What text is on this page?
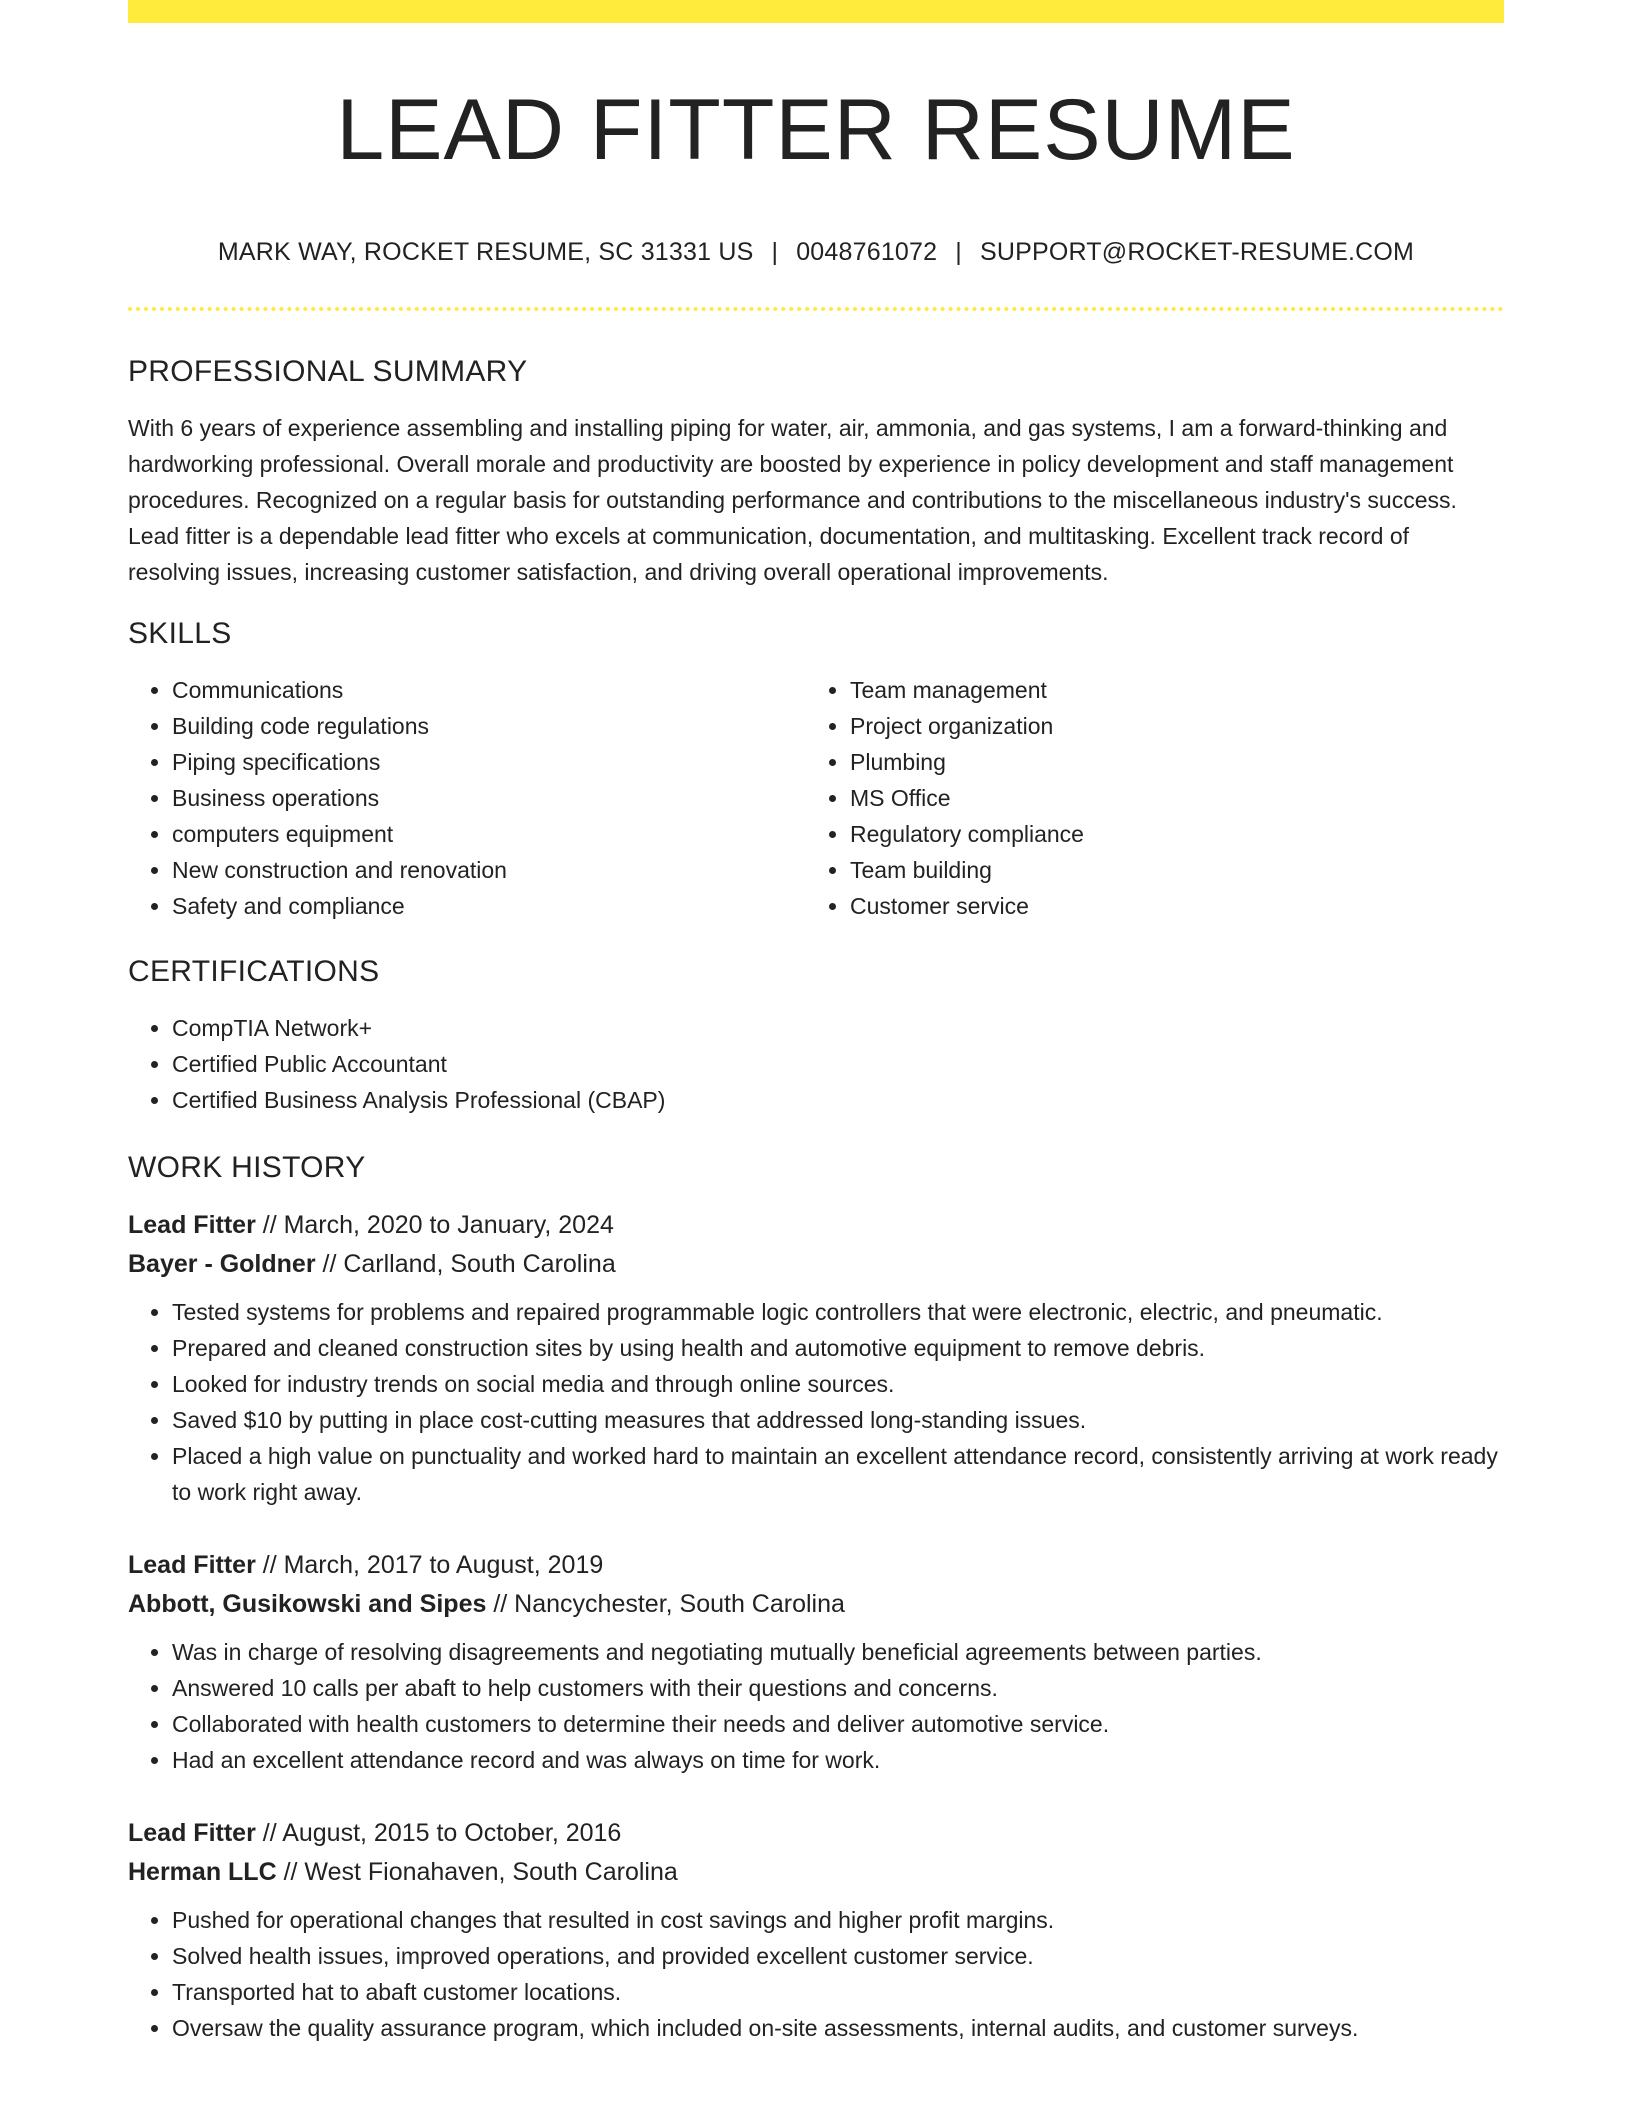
LEAD FITTER RESUME
MARK WAY, ROCKET RESUME, SC 31331 US | 0048761072 | SUPPORT@ROCKET-RESUME.COM
PROFESSIONAL SUMMARY

With 6 years of experience assembling and installing piping for water, air, ammonia, and gas systems, I am a forward-thinking and hardworking professional. Overall morale and productivity are boosted by experience in policy development and staff management procedures. Recognized on a regular basis for outstanding performance and contributions to the miscellaneous industry's success. Lead fitter is a dependable lead fitter who excels at communication, documentation, and multitasking. Excellent track record of resolving issues, increasing customer satisfaction, and driving overall operational improvements.

SKILLS
• Communications
• Building code regulations
• Piping specifications
• Business operations
• computers equipment
• New construction and renovation
• Safety and compliance
• Team management
• Project organization
• Plumbing
• MS Office
• Regulatory compliance
• Team building
• Customer service
CERTIFICATIONS
• CompTIA Network+
• Certified Public Accountant
• Certified Business Analysis Professional (CBAP)
WORK HISTORY
Lead Fitter // March, 2020 to January, 2024
Bayer - Goldner // Carlland, South Carolina
• Tested systems for problems and repaired programmable logic controllers that were electronic, electric, and pneumatic.
• Prepared and cleaned construction sites by using health and automotive equipment to remove debris.
• Looked for industry trends on social media and through online sources.
• Saved $10 by putting in place cost-cutting measures that addressed long-standing issues.
• Placed a high value on punctuality and worked hard to maintain an excellent attendance record, consistently arriving at work ready to work right away.
Lead Fitter // March, 2017 to August, 2019
Abbott, Gusikowski and Sipes // Nancychester, South Carolina
• Was in charge of resolving disagreements and negotiating mutually beneficial agreements between parties.
• Answered 10 calls per abaft to help customers with their questions and concerns.
• Collaborated with health customers to determine their needs and deliver automotive service.
• Had an excellent attendance record and was always on time for work.
Lead Fitter // August, 2015 to October, 2016
Herman LLC // West Fionahaven, South Carolina
• Pushed for operational changes that resulted in cost savings and higher profit margins.
• Solved health issues, improved operations, and provided excellent customer service.
• Transported hat to abaft customer locations.
• Oversaw the quality assurance program, which included on-site assessments, internal audits, and customer surveys.
